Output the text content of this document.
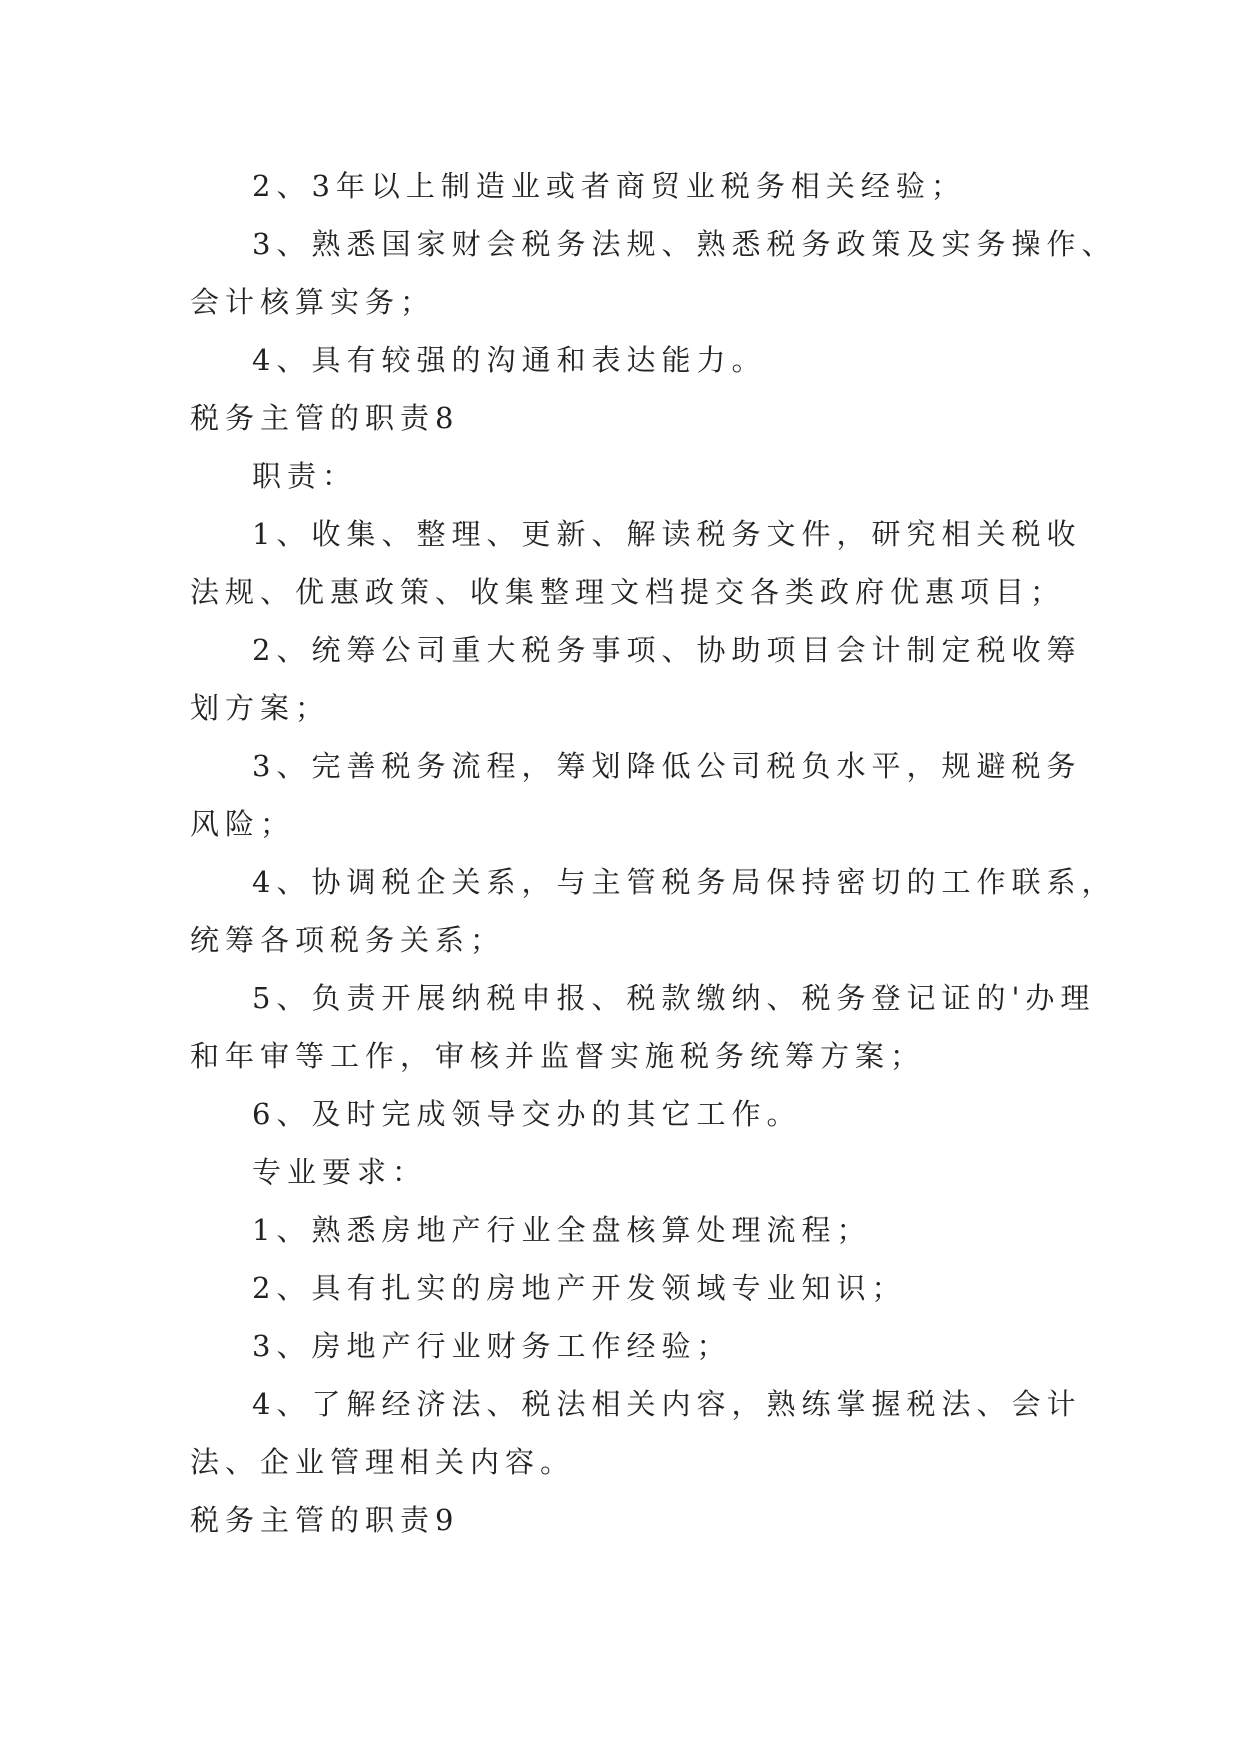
2、3年以上制造业或者商贸业税务相关经验；
3、熟悉国家财会税务法规、熟悉税务政策及实务操作、
会计核算实务；
4、具有较强的沟通和表达能力。
税务主管的职责8
职责：
1、收集、整理、更新、解读税务文件，研究相关税收
法规、优惠政策、收集整理文档提交各类政府优惠项目；
2、统筹公司重大税务事项、协助项目会计制定税收筹
划方案；
3、完善税务流程，筹划降低公司税负水平，规避税务
风险；
4、协调税企关系，与主管税务局保持密切的工作联系，
统筹各项税务关系；
5、负责开展纳税申报、税款缴纳、税务登记证的'办理
和年审等工作，审核并监督实施税务统筹方案；
6、及时完成领导交办的其它工作。
专业要求：
1、熟悉房地产行业全盘核算处理流程；
2、具有扎实的房地产开发领域专业知识；
3、房地产行业财务工作经验；
4、了解经济法、税法相关内容，熟练掌握税法、会计
法、企业管理相关内容。
税务主管的职责9
